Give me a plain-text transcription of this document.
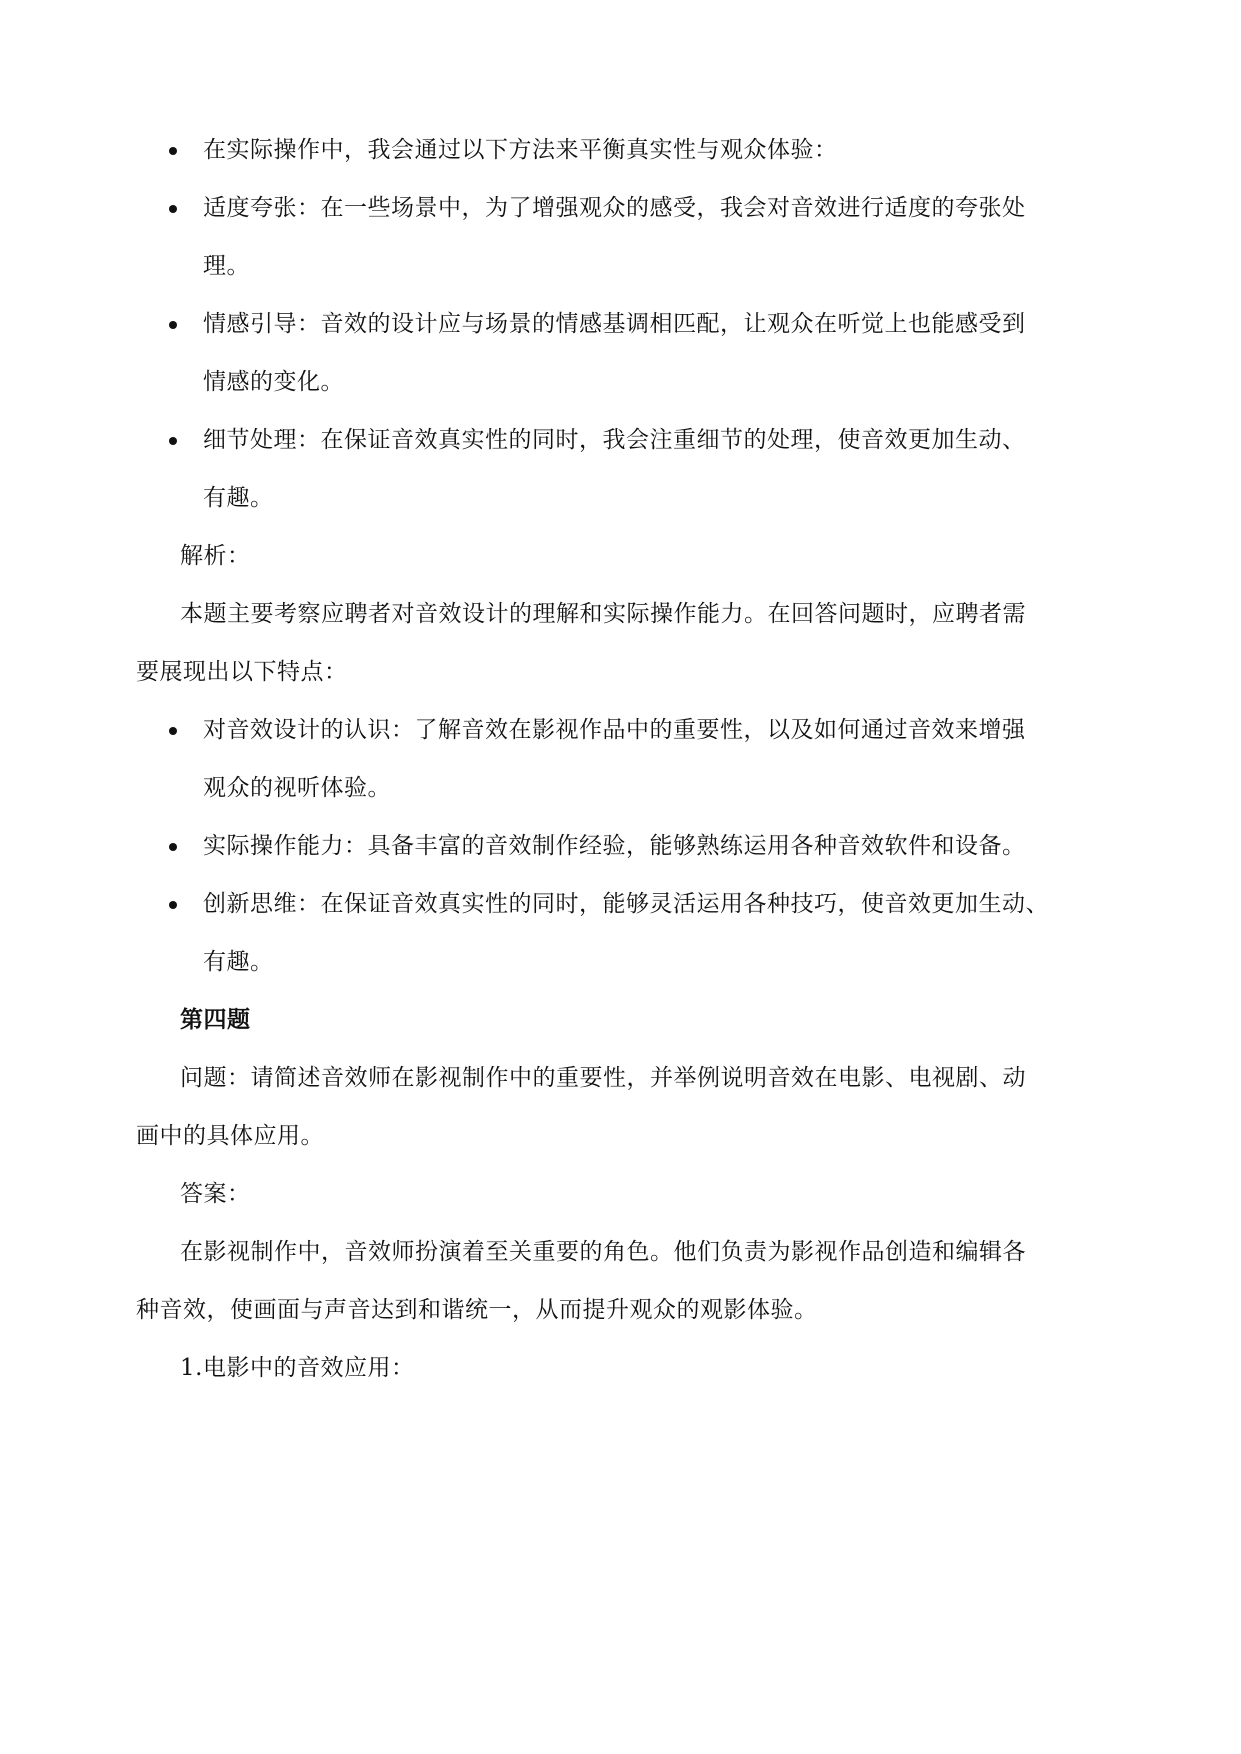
在实际操作中，我会通过以下方法来平衡真实性与观众体验：
适度夸张：在一些场景中，为了增强观众的感受，我会对音效进行适度的夸张处
理。
情感引导：音效的设计应与场景的情感基调相匹配，让观众在听觉上也能感受到
情感的变化。
细节处理：在保证音效真实性的同时，我会注重细节的处理，使音效更加生动、
有趣。
解析：
本题主要考察应聘者对音效设计的理解和实际操作能力。在回答问题时，应聘者需
要展现出以下特点：
对音效设计的认识：了解音效在影视作品中的重要性，以及如何通过音效来增强
观众的视听体验。
实际操作能力：具备丰富的音效制作经验，能够熟练运用各种音效软件和设备。
创新思维：在保证音效真实性的同时，能够灵活运用各种技巧，使音效更加生动、
有趣。
第四题
问题：请简述音效师在影视制作中的重要性，并举例说明音效在电影、电视剧、动
画中的具体应用。
答案：
在影视制作中，音效师扮演着至关重要的角色。他们负责为影视作品创造和编辑各
种音效，使画面与声音达到和谐统一，从而提升观众的观影体验。
1.电影中的音效应用：
